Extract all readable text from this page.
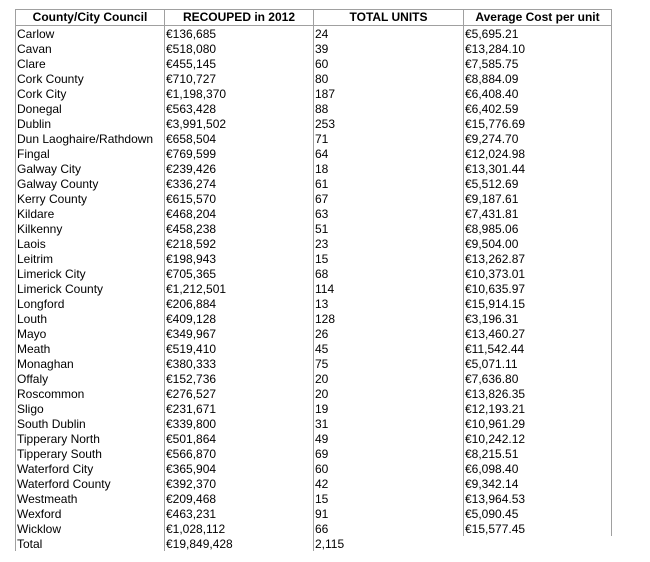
County/City Council	RECOUPED in 2012	TOTAL UNITS	Average Cost per unit
Carlow	€136,685	24	€5,695.21
Cavan	€518,080	39	€13,284.10
Clare	€455,145	60	€7,585.75
Cork County	€710,727	80	€8,884.09
Cork City	€1,198,370	187	€6,408.40
Donegal	€563,428	88	€6,402.59
Dublin	€3,991,502	253	€15,776.69
Dun Laoghaire/Rathdown	€658,504	71	€9,274.70
Fingal	€769,599	64	€12,024.98
Galway City	€239,426	18	€13,301.44
Galway County	€336,274	61	€5,512.69
Kerry County	€615,570	67	€9,187.61
Kildare	€468,204	63	€7,431.81
Kilkenny	€458,238	51	€8,985.06
Laois	€218,592	23	€9,504.00
Leitrim	€198,943	15	€13,262.87
Limerick City	€705,365	68	€10,373.01
Limerick County	€1,212,501	114	€10,635.97
Longford	€206,884	13	€15,914.15
Louth	€409,128	128	€3,196.31
Mayo	€349,967	26	€13,460.27
Meath	€519,410	45	€11,542.44
Monaghan	€380,333	75	€5,071.11
Offaly	€152,736	20	€7,636.80
Roscommon	€276,527	20	€13,826.35
Sligo	€231,671	19	€12,193.21
South Dublin	€339,800	31	€10,961.29
Tipperary North	€501,864	49	€10,242.12
Tipperary South	€566,870	69	€8,215.51
Waterford City	€365,904	60	€6,098.40
Waterford County	€392,370	42	€9,342.14
Westmeath	€209,468	15	€13,964.53
Wexford	€463,231	91	€5,090.45
Wicklow	€1,028,112	66	€15,577.45
Total	€19,849,428	2,115	
